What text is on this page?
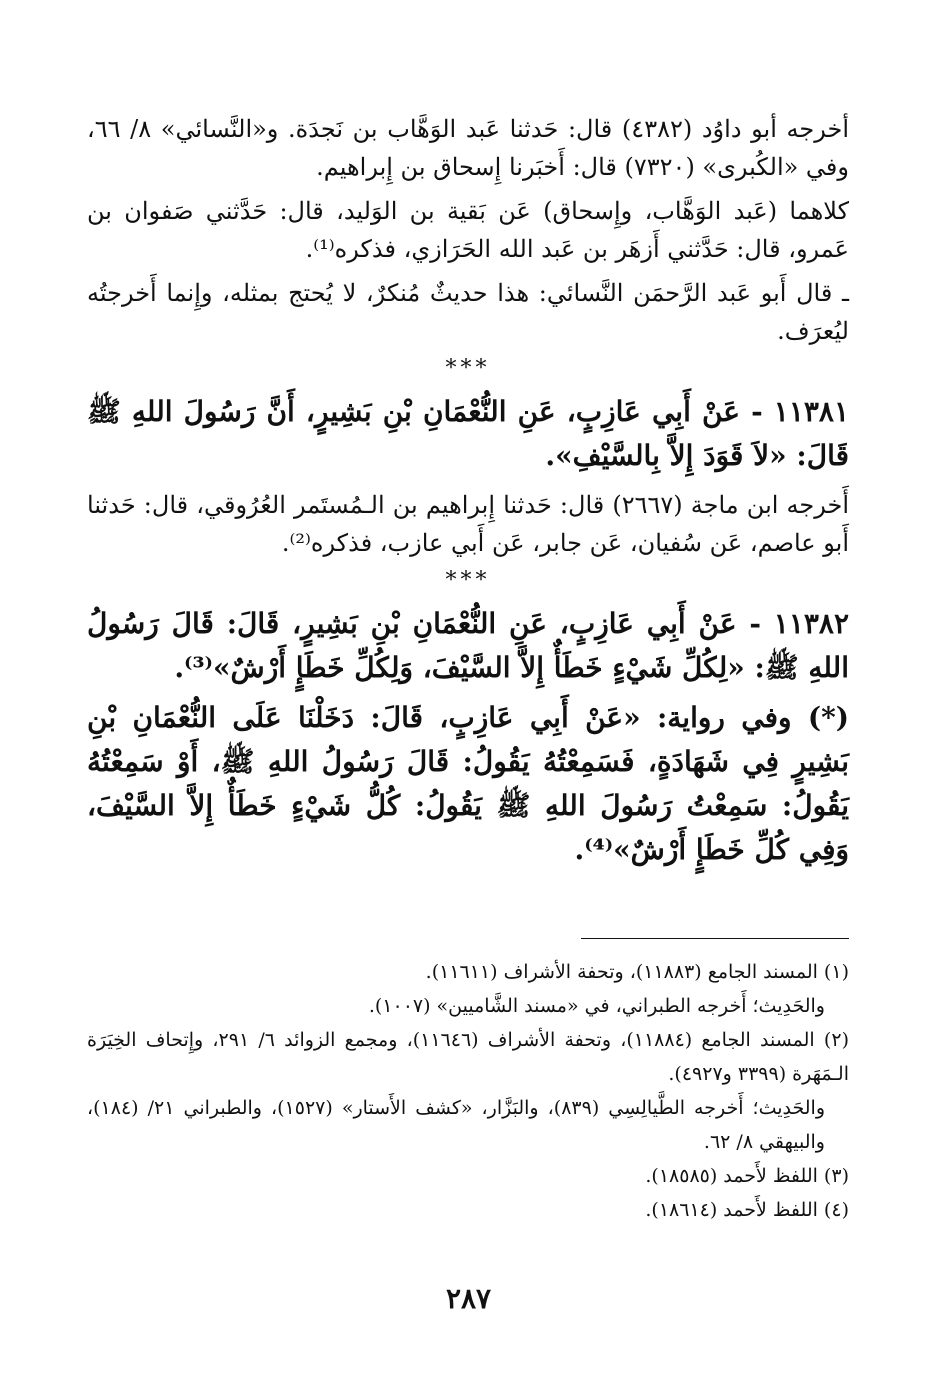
أخرجه أبو داوُد (٤٣٨٢) قال: حَدثنا عَبد الوَهَّاب بن نَجدَة. و«النَّسائي» ٨/ ٦٦، وفي «الكُبرى» (٧٣٢٠) قال: أَخبَرنا إِسحاق بن إِبراهيم.

كلاهما (عَبد الوَهَّاب، وإِسحاق) عَن بَقية بن الوَليد، قال: حَدَّثني صَفوان بن عَمرو، قال: حَدَّثني أَزهَر بن عَبد الله الحَرَازي، فذكره⁽¹⁾.

ـ قال أَبو عَبد الرَّحمَن النَّسائي: هذا حديثٌ مُنكرٌ، لا يُحتج بمثله، وإِنما أَخرجتُه ليُعرَف.

***

١١٣٨١ - عَنْ أَبِي عَازِبٍ، عَنِ النُّعْمَانِ بْنِ بَشِيرٍ، أَنَّ رَسُولَ اللهِ ﷺ قَالَ: «لاَ قَوَدَ إِلاَّ بِالسَّيْفِ».

أَخرجه ابن ماجة (٢٦٦٧) قال: حَدثنا إِبراهيم بن الـمُستَمر العُرُوقي، قال: حَدثنا أَبو عاصم، عَن سُفيان، عَن جابر، عَن أَبي عازب، فذكره⁽²⁾.

***

١١٣٨٢ - عَنْ أَبِي عَازِبٍ، عَنِ النُّعْمَانِ بْنِ بَشِيرٍ، قَالَ: قَالَ رَسُولُ اللهِ ﷺ: «لِكُلِّ شَيْءٍ خَطَأٌ إِلاَّ السَّيْفَ، وَلِكُلِّ خَطَإٍ أَرْشٌ»⁽³⁾.

(*) وفي رواية: «عَنْ أَبِي عَازِبٍ، قَالَ: دَخَلْنَا عَلَى النُّعْمَانِ بْنِ بَشِيرٍ فِي شَهَادَةٍ، فَسَمِعْتُهُ يَقُولُ: قَالَ رَسُولُ اللهِ ﷺ، أَوْ سَمِعْتُهُ يَقُولُ: سَمِعْتُ رَسُولَ اللهِ ﷺ يَقُولُ: كُلُّ شَيْءٍ خَطَأٌ إِلاَّ السَّيْفَ، وَفِي كُلِّ خَطَإٍ أَرْشٌ»⁽⁴⁾.

(١) المسند الجامع (١١٨٨٣)، وتحفة الأشراف (١١٦١١).

والحَدِيث؛ أَخرجه الطبراني، في «مسند الشَّاميين» (١٠٠٧).

(٢) المسند الجامع (١١٨٨٤)، وتحفة الأشراف (١١٦٤٦)، ومجمع الزوائد ٦/ ٢٩١، وإِتحاف الخِيَرَة الـمَهَرة (٣٣٩٩ و٤٩٢٧).

والحَدِيث؛ أَخرجه الطَّيالِسِي (٨٣٩)، والبَزَّار، «كشف الأَستار» (١٥٢٧)، والطبراني ٢١/ (١٨٤)، والبيهقي ٨/ ٦٢.

(٣) اللفظ لأَحمد (١٨٥٨٥).

(٤) اللفظ لأَحمد (١٨٦١٤).

٢٨٧
